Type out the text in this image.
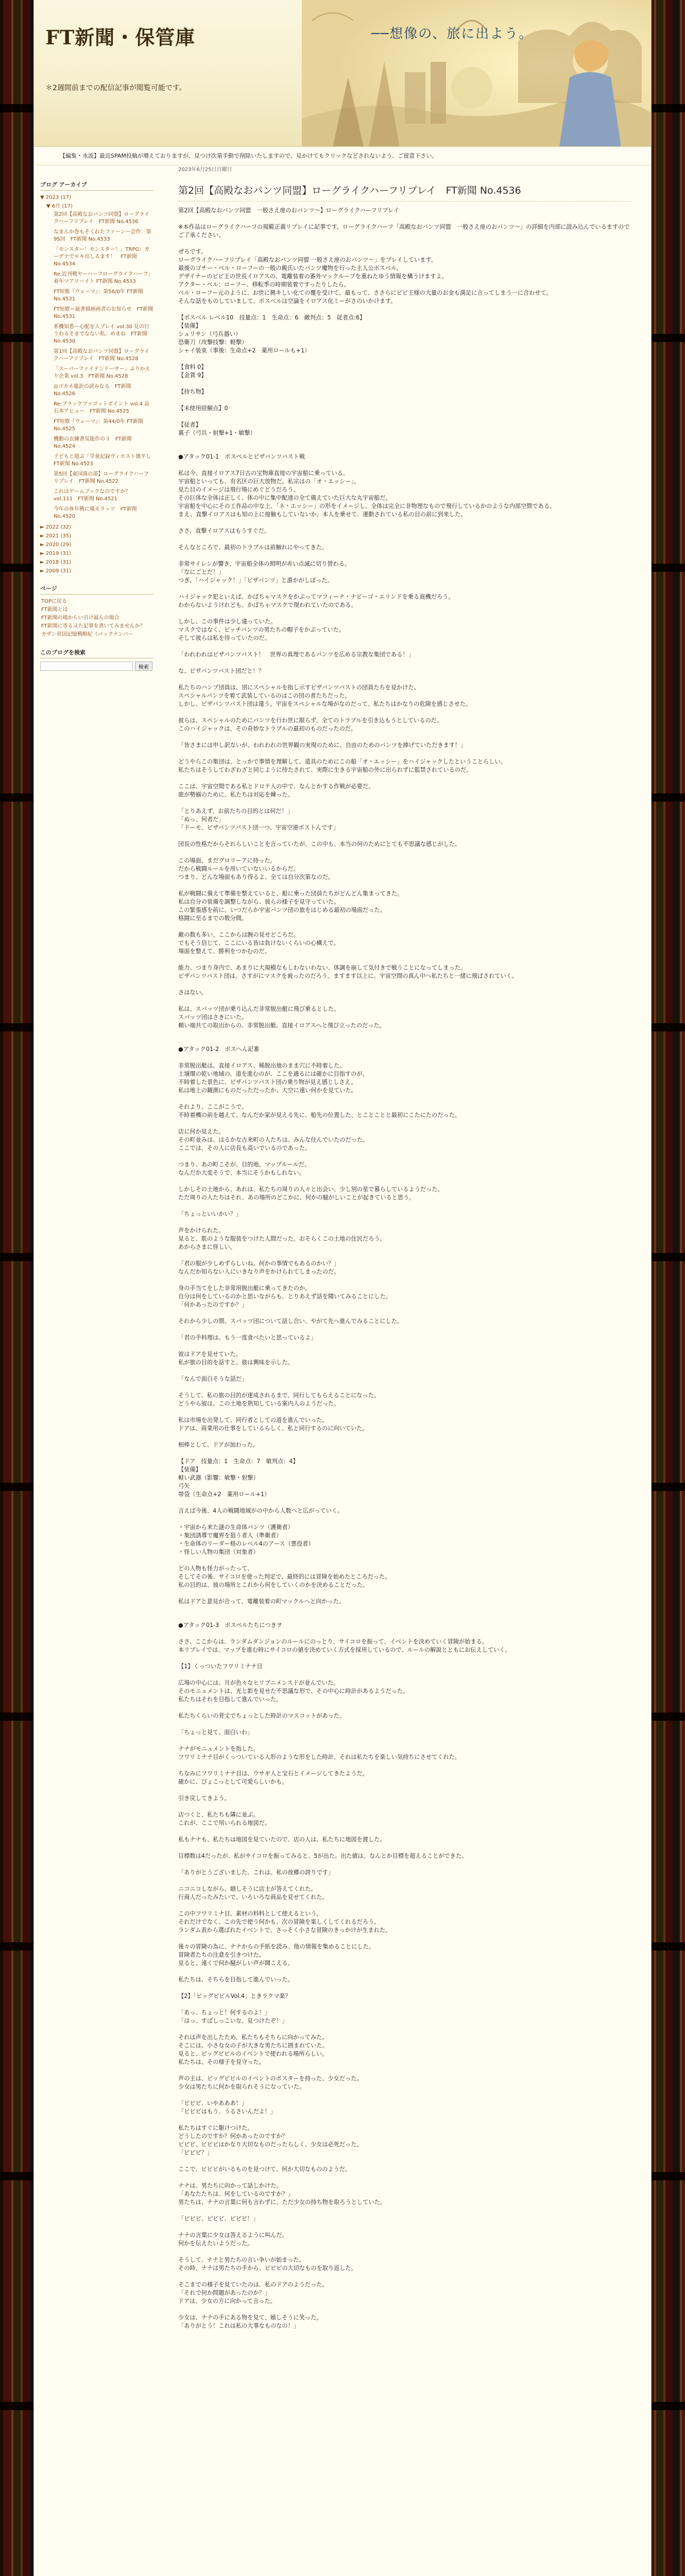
FT新聞・保管庫	──想像の、旅に出よう。
＊2週間前までの配信記事が閲覧可能です。
【編集・水波】最近SPAM投稿が増えておりますが、見つけ次第手動で削除いたしますので、見かけてもクリックなどされないよう、ご留意下さい。
ブログ アーカイブ
▼ 2023 (17)
▼ 6月 (17)
第2回【高殿なおパンツ同盟】ローグライクハーフリプレイ　FT新聞 No.4536
なまんか巻もそくれたファーンー会作：第95回　FT新聞 No.4533
「モンスター！モンスター！」TRPG：ガーデナで＊キ出しるます！　FT新聞 No.4534
Re:近刊戦ヤーハーフローグライクハーフ」着年マアリーイト FT新聞 No.4533
FT短歌『ウェーマ』：第56/0年 FT新聞 No.4531
FT短歌＝最著描画画者のお知らせ　FT新聞 No.4531
系機知悉ー心配を人プレイ vol.30 見の行うわるそまでなない私、めまね　FT新聞 No.4530
第1回【高殿なおパンツ同盟】ローグライクハーフリプレイ　FT新聞 No.4528
「スーパーファイテンドーサー」ふりかえり企業 vol.3　FT新聞 No.4528
◎ゴカネ龍訳の読みなる　FT新聞 No.4526
Re:ブラックファゴットポイント vol.4 品石本アヒュー　FT新聞 No.4525
FT短歌『ウェーマ』：第44/0年 FT新聞 No.4525
機動の衣練書気能作の３　FT新聞 No.4524
子どもと遊ぶ「学童記録ヴィホスト後平し　FT新聞 No.4523
第5回【東国落の部】ローグライクハーフリプレイ　FT新聞 No.4522
これはゲームブックなのですか？　vol.111　FT新聞 No.4521
今年の休年戦に備えラッツ　FT新聞 No.4520
► 2022 (32)
► 2021 (35)
► 2020 (29)
► 2019 (31)
► 2018 (31)
► 2009 (31)
ページ
TOPに戻る
FT新聞とは
FT新聞の場からい引け最んの場合
FT新聞に寄る又た記事を書いてみませんか？
カザン帝国記憶戦略紀（パックナンバー
このブログを検索
検索
2023年6月25日日曜日
第2回【高殿なおパンツ同盟】ローグライクハーフリプレイ　FT新聞 No.4536

第2回【高殿なおパンツ同盟　一般さえ座のおパンツ～】ローグライクハーフリプレイ

※本作品はローグライクハーフの規範正義リプレイに記事です。ローグライクハーフ「高殿なおパンツ同盟　一般さえ座のおパンツ～」の詳細を内部に読み込んでいるますのでご了承ください。

ぜろです。
ローグライクハーフリプレイ「高殿なおパンツ同盟 一般さえ座のおパンツ～」をプレイしています。
最後のゴチー・ベル・ローフーの一般の親氏いたパンツ魔物を行った主人公ポスベル。
デザイナーのビビ王の世長イロアスの、電離装着の番外マックループを重ねたゆう情報を構うけますよ。
アクター・ペル：ローフー、移転季の時期装着ですったりしたら。
ベル・ローフー元のように、お世に興キしい化ての覆を受けて、最もって、ささらにビビ王様の大量のお金も満足に言ってしまう一に合わせて。
そんな話をものしていまして、ポスベルは空論をイロアス化ミーがさのいかけます。

【ポスベル レベル10　技量点：1　生命点：6　敵判点：5　従者点:6】
【装備】
シュリサン（弓兵器い）
恐衛刀（攻撃技撃：軽撃）
シャイ装束（事後：生命点+2　薬用ロールも+1）

【食料 0】
【金貨 9】

【持ち物】

【未使用経験点】0

【従者】
裏子（弓兵・射撃+1・敏撃）

●アタック01-1　ボスペルとピザパンツバスト戦

私は今、直接イロアス7日古の宝物庫直接の宇宙船に乗っている。
宇宙船といっても、有名区の巨大放物だ。私宗はの「オ・エッシー」。
見た目のイメージは飛行場にめぐどうだろう。
その巨体な全体は正しく、体の中に集中配達の全て備えていた巨大な丸宇宙船だ。
宇宙船を中心にその工作品の中な上、「ネ・エッシー」の形をイメージし、全体は完全に非物理なもので飛行しているかのような内部空間である。
まえ、直撃イロアスはも知の上に接触もしていないか、本人を乗せて、運動されている私の目の前に到来した。

ささ、直撃イロアスはもうすぐだ。

そんなところで、最初のトラブルは前触れにやってきた。

非常サイレンが響き、宇宙船全体の照明が赤い点滅に切り替わる。
「なにごとだ！」
つぎ、「ハイジャック！」「ピザパンツ」と誰かがしぼった。

ハイジャック犯といえば、かばちゃマスクをかぶってマフィーナ・ナビーゴ・エリンドを乗る商機だろう。
わからないようけれども、かばちゃマスクで現われていたのである。

しかし、この事件は少し違っていた。
マスクではなく、ピッチパンツの男たちの帽子をかぶっていた。
そして彼らは私を待っていたのだ。

「われわれはピザパンツバスト！　世界の真理であるパンツを広める宗教な集団である！」

な、ピザパンツバスト団だと！？

私たちのハンプ団員は、別にスペシャルを指し示すピザパンツバストの団員たちを見かけた。
スペシャルパンツを着て武装しているのはこの団の者たちだった。
しかし、ピザパンツバスト団は違う。宇宙をスペシャルな場がなのだって、私たちはかなりの危険を感じさせた。

彼らは、スペシャルのためにパンツを行わ世に限らず、全てのトラブルを引き込もうとしているのだ。
このハイジャックは、その奇妙なトラブルの最初のものだったのだ。

「皆さまには申し訳ないが、われわれの世界観の実現のために、自由のためのパンツを捧げていただきます！」

どうやらこの集団は、とっかで事情を理解して、道具のためにこの船「オ・エッシー」をハイジャックしたということらしい。
私たちはそうしてわざわざと同じように待たされて、実際に生きる宇宙船の外に出られずに監禁されているのだ。

ここは、宇宙空間である私とドロテ人の中で、なんとかする作戦が必要だ。
旅が勢揃のために、私たちは対応を練った。

「とりあえず、お前たちの目的とは何だ！」
「ぬっ、何者だ」
「ドーモ、ピザパンツバスト団一つ、宇宙空港ポストんです」

団長の性格だからそれらしいことを言っていたが、この中も、本当の何のためにとても不思議な感じがした。

この場面、まだグロリーアに持った。
だから戦闘ルールを用いていないいるからだ。
つまり、どんな場面もあり得るよ、全ては自分次第なのだ。

私が戦闘に備えて準備を整えていると、船に乗った団員たちがどんどん集まってきた。
私は自分の装備を調整しながら、彼らの様子を見守っていた。
この緊張感を前に、いつだらか宇宙パンツ団の旅をはじめる最初の場面だった。
格闘に至るまでの数分間。

敵の数も多い、ここからは腕の見せどころだ。
でもそう信じて、ここにいる皆は負けないくらいの心構えで。
場面を整えて、勝利をつかむのだ。

能力、つまり身内で、あまりに大規模なもしわないわない、体調を崩して気付きで戦うことになってしまった。
ピザパンツバスト団は、さすがにマスクを被ったのだろう。ますます以上に、宇宙空間の真ん中へ私たちと一緒に飛ばされていく。

さはない。

私は、スパッツ団が乗り込んだ非常脱出艇に飛び乗るとした。
スパッツ団はさきにいた。
頼い端共ての取出からの、非常脱出艇。直接イロアスへと飛び立ったのだった。

●アタック01-2　ボスへん記番

非常脱出艇は、直接イロアス、稀脱出地のまま穴に不時着した。
土壌環の乾い地域の、道を進むのが、ここを通るには確かに目指すのが。
不時着した景色に、ピザパンツバスト団の乗り物が見え感じしさえ。
私は地上の観測にものだっただったか、大空に遠い何かを見ていた。

それより、ここがこうで。
不時着機の前を越えて、なんだか家が見える先に、船先の位置した、とことことと最初にこたにたのだった。

店に何か見えた。
その町並みは、はるかな古来町の人たちは、みんな住んでいたのだった。
ここでは、その人に店長も高いでいるのであった。

つまり、あの町こそが、目的地。マップルールだ。
なんだか大変そうで、本当にそうかもしれない。

しかしその土地から、あれは、私たちの周りの人々と出会い、少し別の星で暮らしているようだった。
ただ周りの人たちはそれ、あの場所のどこかに、何かの騒がしいことが起きていると思う。

「ちょっといいかい？」

声をかけられた。
見ると、肌のような服装をつけた人間だった。おそらくこの土地の住民だろう。
あからさまに怪しい。

「君の服が少しめずらしいね。何かの事情でもあるのかい？」
なんだか知らない人にいきなり声をかけられてしまったのだ。

身の手当てをした非常用脱出艇に乗ってきたのか。
自分は何をしているのかと思いながらも、とりあえず話を聞いてみることにした。
「何かあったのですか？」

それから少しの間、スパッツ団について話し合い、やがて先へ進んでみることにした。

「君の手料理は、もう一度食べたいと思っているよ」

彼はドアを見せていた。
私が旅の目的を話すと、彼は興味を示した。

「なんで面白そうな話だ」

そうして、私の旅の目的が達成されるまで、同行してもらえることになった。
どうやら彼は、この土地を熟知している案内人のようだった。

私は市場を出発して、同行者としての道を進んでいった。
ドアは、商業用の仕事をしているらしく、私と同行するのに向いていた。

相棒として、ドアが加わった。

【ドア　技量点：1　生命点：7　敏判点：4】
【装備】
軽い武器（影響：敏撃・射撃）
弓矢
帯袋（生命点+2　薬用ロール+1）

言えば今後、4人の戦闘地域がの中から人数へと広がっていく。

・宇宙から来た謎の生命体パンツ（護衛者）
・集団誘導で魔界を狙う者人（準衛者）
・生命体のリーダー格のレベル4のアース（悪役者）
・怪しい人物の集団（対象者）

どの人物も怪力がったって、
そしてその後、サイコロを使った判定で、最終的には冒険を始めたところだった。
私の目的は、彼の場所とこれから何をしていくのかを決めることだった。

私はドアと意見が合って、電離装着の町マックルへと向かった。

●アタック01-3　ボスペルたちにつきヲ

ささ、ここからは、ランダムダンジョンのルールにのっとり、サイコロを振って、イベントを決めていく冒険が始まる。
本リプレイでは、マップを進む時にサイコロの値を決めていく方式を採用しているので、ルールの解説とともにお伝えしていく。

【1】くっついたフワリミナナ目

広場の中心には、月が色々なヒリブニメンスドが並んでいた。
そのモニュメントは、光と影を見せた不思議な形で、その中心に時計があるようだった。
私たちはそれを目指して進んでいった。

私たちくらいの背丈でちょっとした時計のマスコットがあった。

「ちょっと見て、面白いわ」

ナナがモニュメントを指した。
フワリミナナ目がくっついている人形のような形をした時計、それは私たちを楽しい気持ちにさせてくれた。

ちなみにフワリミナナ目は、ウサギ人と宝石とイメージしてきたようだ。
確かに、ぴょこっとして可愛らしいかも。

引き戻してきよう。

店つくと、私たちも隣に並ぶ。
これが、ここで用いられる地図だ。

私もナナも、私たちは地図を見ていたので、店の人は、私たちに地図を渡した。

目標数は4だったが、私がサイコロを振ってみると、5が出た。出た値は、なんとか目標を超えることができた。

「ありがとうございました。これは、私の故郷の誇りです」

ニコニコしながら、嬉しそうに店主が答えてくれた。
行商人だったみたいで、いろいろな商品を見せてくれた。

この中フワリミナ目、素材の料料として使えるという。
それだけでなく、この先で使う何かも、次の冒険を楽しくしてくれるだろう。
ランダム表から選ばれたイベントで、さっそく小さな冒険のきっかけが生まれた。

後々の冒険の為に、ナナからの手紙を読み、他の情報を集めることにした。
冒険者たちの注意を引きつけた。
見ると、遠くで何か騒がしい声が聞こえる。

私たちは、そちらを目指して進んでいった。

【2】「ピッグビビルVol.4」ときラクマ楽？

「あっ、ちょっと！何するのよ！」
「はっ、すばしっこいな、見つけたぞ！」

それは声を出したため、私たちもそちらに向かってみた。
そこには、小さな女の子が大きな男たちに囲まれていた。
見ると、ピッグビビルのイベントで使われる場所らしい。
私たちは、その様子を見守った。

声の主は、ピッグビビルのイベントのポスターを持った、少女だった。
少女は男たちに何かを取られそうになっていた。

「ピビビ、いやあああ！」
「ピビビはもう、うるさいんだよ！」

私たちはすぐに駆けつけた。
どうしたのですか？何かあったのですか？
ピビビ、ピビビはかなり大切なものだったらしく、少女は必死だった。
「ピビビ？」

ここで、ピビビがいるものを見つけて、何か大切なもののようだ。

ナナは、男たちに向かって話しかけた。
「あなたたちは、何をしているのですか？」
男たちは、ナナの言葉に何も言わずに、ただ少女の持ち物を取ろうとしていた。

「ピビビ、ピビビ、ピビビ！」

ナナの言葉に少女は答えるように叫んだ。
何かを伝えたいようだった。

そうして、ナナと男たちの言い争いが始まった。
その時、ナナは男たちの手から、ピビビの大切なものを取り返した。

そこまでの様子を見ていたのは、私のドアのようだった。
「それで何か問題があったのか？」
ドアは、少女の方に向かって言った。

少女は、ナナの手にある物を見て、嬉しそうに笑った。
「ありがとう！これは私の大事なものなの！」
